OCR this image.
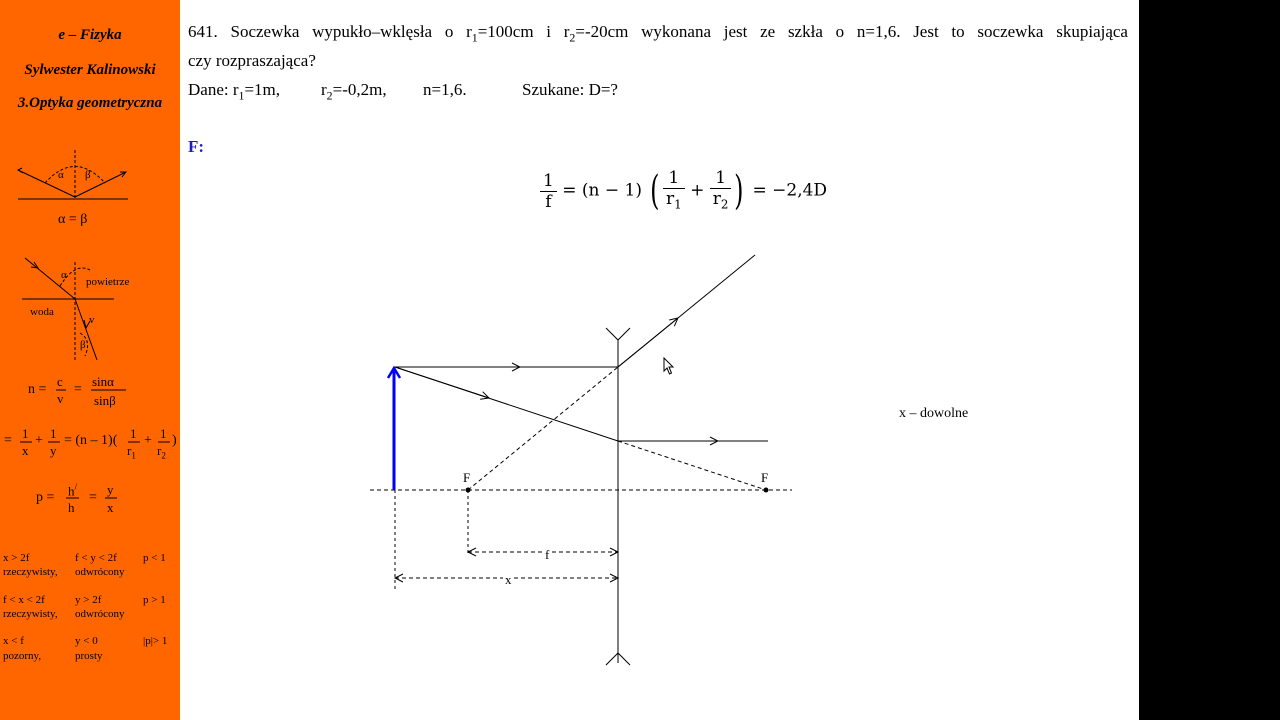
e – Fizyka
Sylwester Kalinowski
3.Optyka geometryczna
α β
α = β
α
powietrze
woda
v
β
n =
c
v
=
sinα
sinβ
= 1
x
+ 1
y
= (n – 1)( 1
$r_1$
+ 1
$r_2$
)
p = h/
h
=
y
x
x > 2f
rzeczywisty,
f < y < 2f
odwrócony
p < 1
f < x < 2f
rzeczywisty,
y > 2f
odwrócony
p > 1
x < f
pozorny,
y < 0
prosty
|p|> 1
641. Soczewka wypukło–wklęsła o $r_1=100cm$ i $r_2=-20cm$ wykonana jest ze szkła o n=1,6. Jest to soczewka skupiająca
czy rozpraszająca?
Dane: $r_1=1m$, $r_2=-0,2m$, n=1,6.	Szukane: D=?
F:
$\frac{1}{f} = (n - 1)$ ( $\frac{1}{r_1} + \frac{1}{r_2}$ ) = −2,4D
F	F
f
x
x – dowolne
